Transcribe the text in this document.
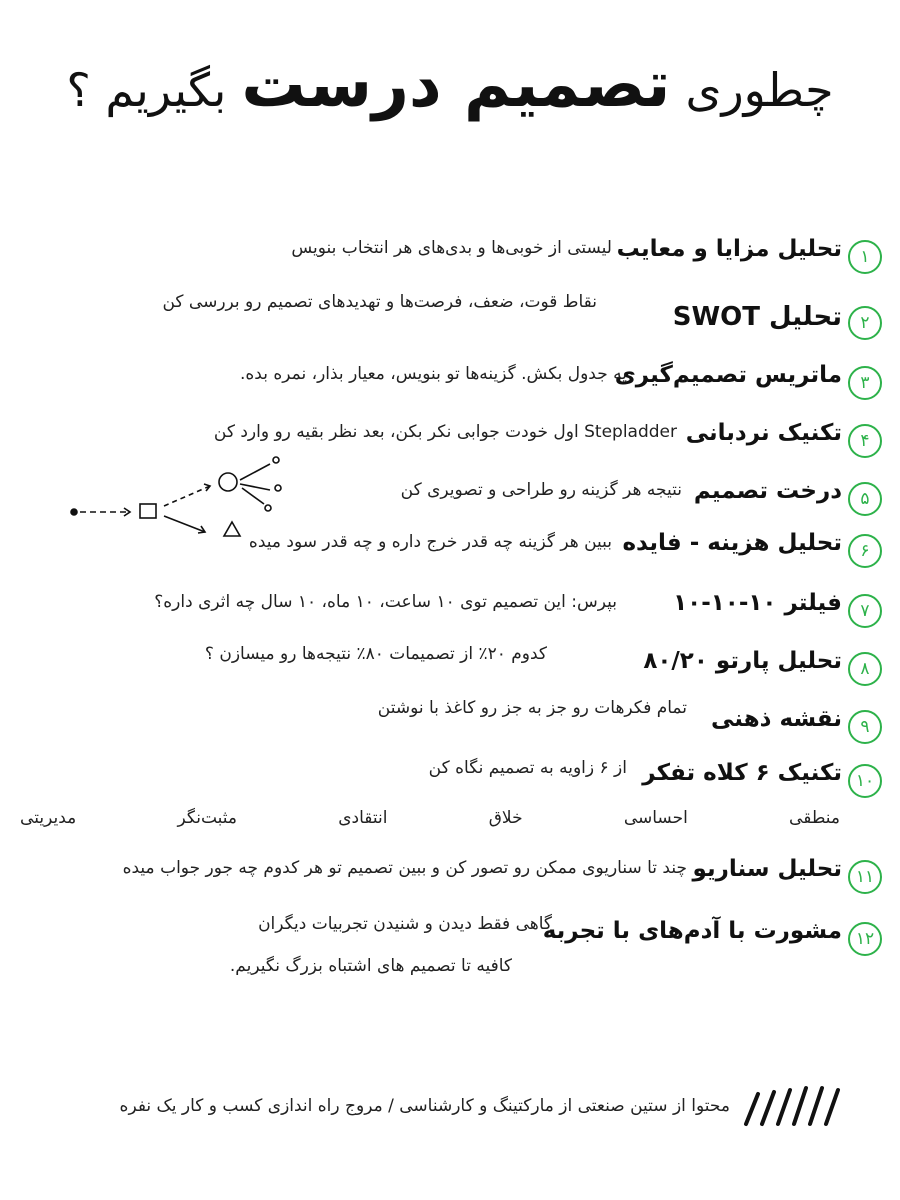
چطوری تصمیم درست بگیریم ؟
۱
تحلیل مزایا و معایب
لیستی از خوبی‌ها و بدی‌های هر انتخاب بنویس
۲
تحلیل SWOT
نقاط قوت، ضعف، فرصت‌ها و تهدیدهای تصمیم رو بررسی کن
۳
ماتریس تصمیم‌گیری
یه جدول بکش. گزینه‌ها تو بنویس، معیار بذار، نمره بده.
۴
تکنیک نردبانی
Stepladder اول خودت جوابی نکر بکن، بعد نظر بقیه رو وارد کن
۵
درخت تصمیم
نتیجه هر گزینه رو طراحی و تصویری کن
۶
تحلیل هزینه - فایده
ببین هر گزینه چه قدر خرج داره و چه قدر سود میده
۷
فیلتر ۱۰-۱۰-۱۰
بپرس: این تصمیم توی ۱۰ ساعت، ۱۰ ماه، ۱۰ سال چه اثری داره؟
۸
تحلیل پارتو ۸۰/۲۰
کدوم ۲۰٪ از تصمیمات ۸۰٪ نتیجه‌ها رو میسازن ؟
۹
نقشه ذهنی
تمام فکرهات رو جز به جز رو کاغذ با نوشتن
۱۰
تکنیک ۶ کلاه تفکر
از ۶ زاویه به تصمیم نگاه کن
منطقی
احساسی
خلاق
انتقادی
مثبت‌نگر
مدیریتی
۱۱
تحلیل سناریو
چند تا سناریوی ممکن رو تصور کن و ببین تصمیم تو هر کدوم چه جور جواب میده
۱۲
مشورت با آدم‌های با تجربه
گاهی فقط دیدن و شنیدن تجربیات دیگران
کافیه تا تصمیم های اشتباه بزرگ نگیریم.
محتوا از ستین صنعتی از مارکتینگ و کارشناسی / مروج راه اندازی کسب و کار یک نفره
